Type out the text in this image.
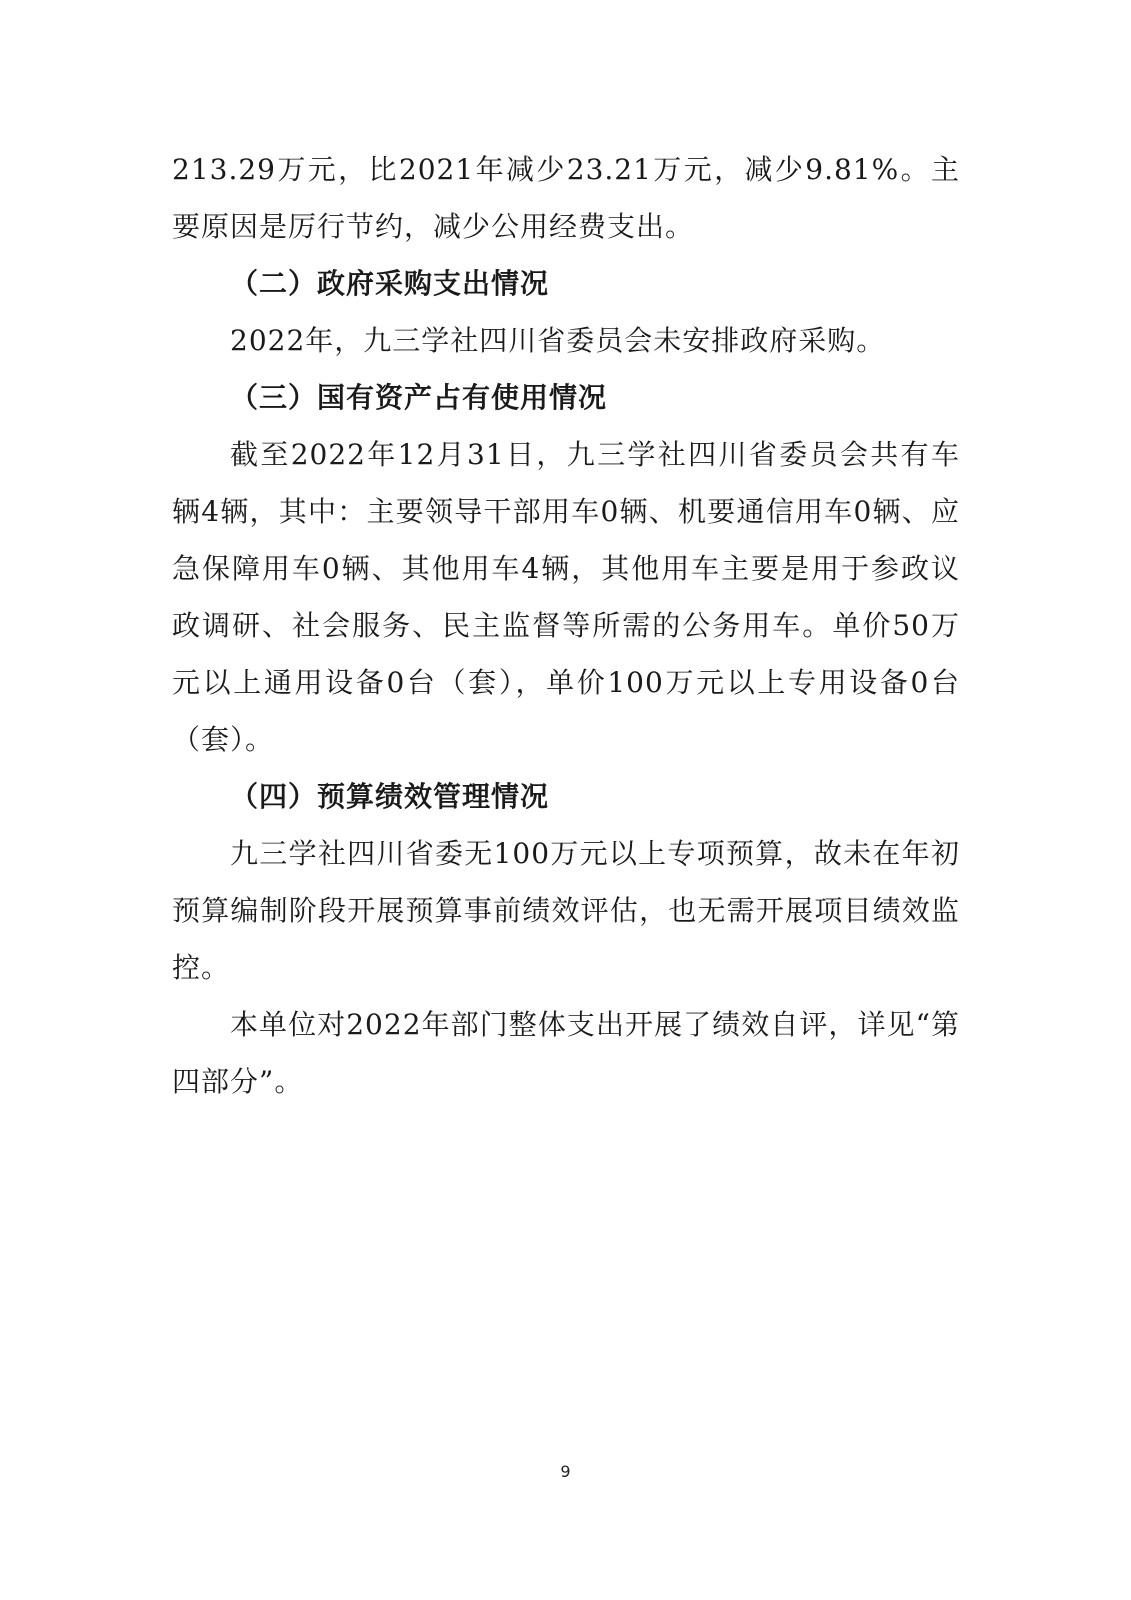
213.29万元，比2021年减少23.21万元，减少9.81%。主要原因是厉行节约，减少公用经费支出。

（二）政府采购支出情况

2022年，九三学社四川省委员会未安排政府采购。

（三）国有资产占有使用情况

截至2022年12月31日，九三学社四川省委员会共有车辆4辆，其中：主要领导干部用车0辆、机要通信用车0辆、应急保障用车0辆、其他用车4辆，其他用车主要是用于参政议政调研、社会服务、民主监督等所需的公务用车。单价50万元以上通用设备0台（套），单价100万元以上专用设备0台（套）。

（四）预算绩效管理情况

九三学社四川省委无100万元以上专项预算，故未在年初预算编制阶段开展预算事前绩效评估，也无需开展项目绩效监控。

本单位对2022年部门整体支出开展了绩效自评，详见“第四部分”。

9
